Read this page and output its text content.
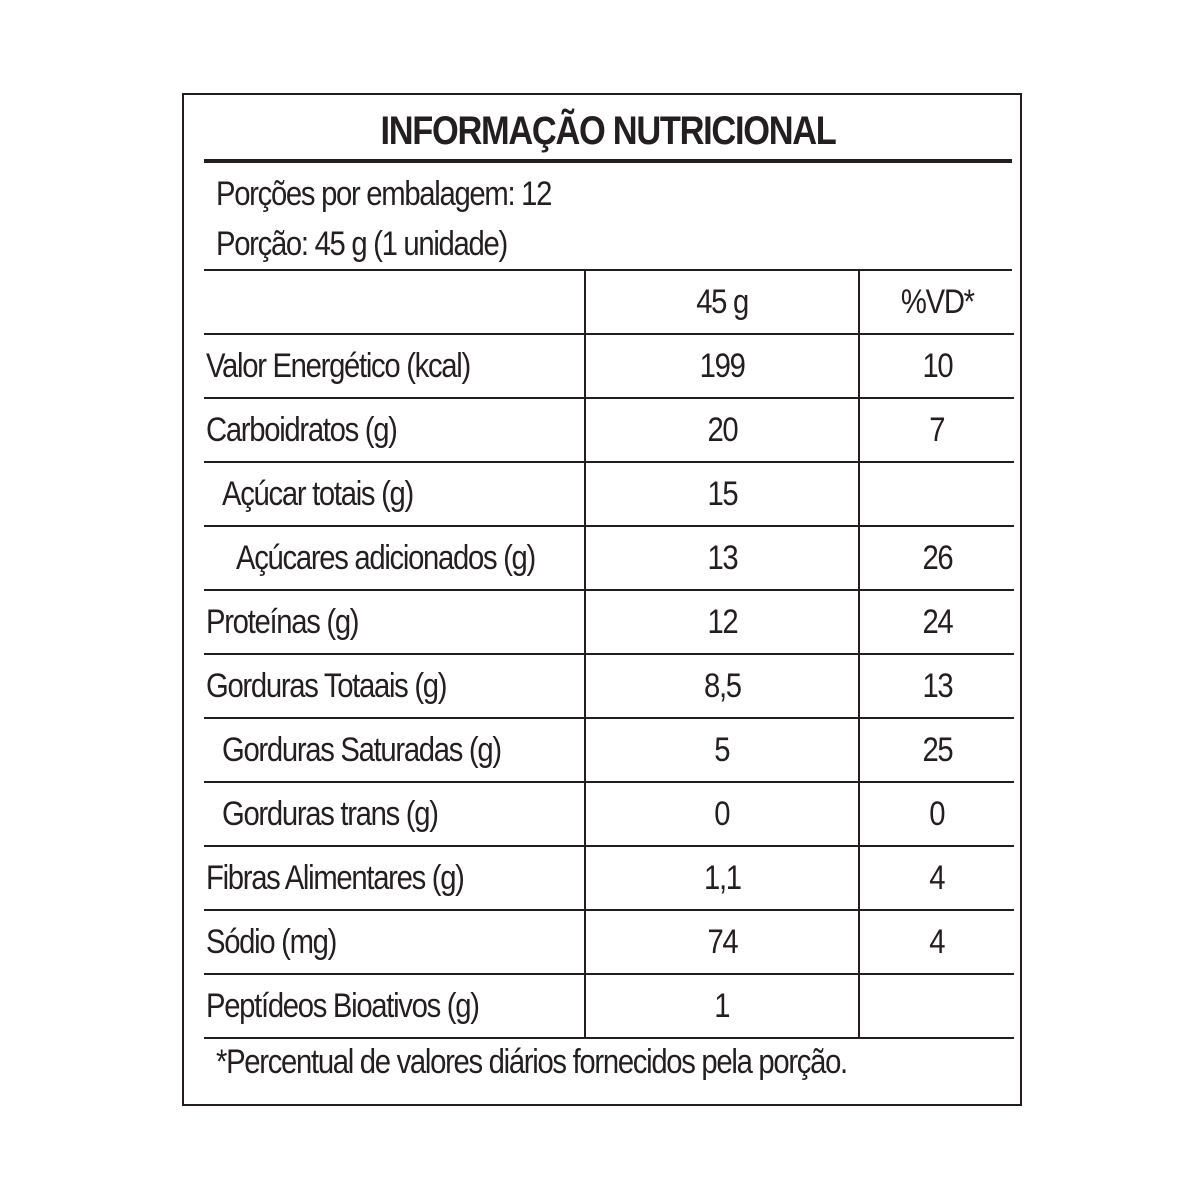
INFORMAÇÃO NUTRICIONAL
Porções por embalagem: 12
Porção: 45 g (1 unidade)
	45 g	%VD*
Valor Energético (kcal)	199	10
Carboidratos (g)	20	7
Açúcar totais (g)	15	
Açúcares adicionados (g)	13	26
Proteínas (g)	12	24
Gorduras Totaais (g)	8,5	13
Gorduras Saturadas (g)	5	25
Gorduras trans (g)	0	0
Fibras Alimentares (g)	1,1	4
Sódio (mg)	74	4
Peptídeos Bioativos (g)	1	
*Percentual de valores diários fornecidos pela porção.
